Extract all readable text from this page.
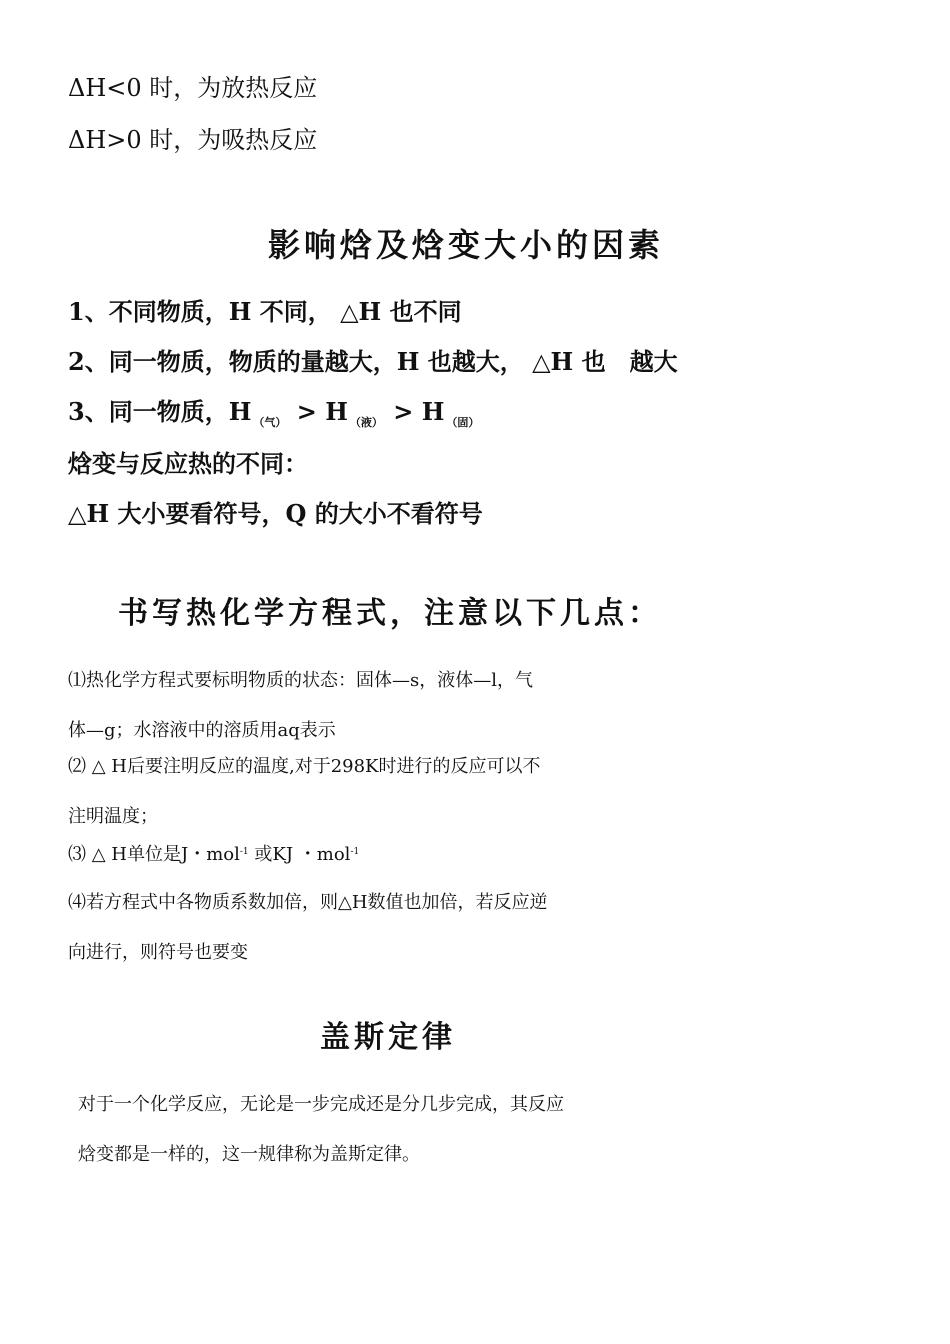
ΔH<0 时，为放热反应
ΔH>0 时，为吸热反应
影响焓及焓变大小的因素
1、不同物质，H 不同， △H 也不同
2、同一物质，物质的量越大，H 也越大， △H 也　越大
3、同一物质，H $_{(气)}$ > H $_{(液)}$ > H $_{(固)}$
焓变与反应热的不同：
△H 大小要看符号，Q 的大小不看符号
书写热化学方程式，注意以下几点：
⑴热化学方程式要标明物质的状态：固体—s，液体—l，气
体—g；水溶液中的溶质用aq表示
⑵ △ H后要注明反应的温度,对于298K时进行的反应可以不
注明温度；
⑶ △ H单位是J・mol$^{-1}$ 或KJ ・mol$^{-1}$
⑷若方程式中各物质系数加倍，则△H数值也加倍，若反应逆
向进行，则符号也要变
盖斯定律
对于一个化学反应，无论是一步完成还是分几步完成，其反应
焓变都是一样的，这一规律称为盖斯定律。
